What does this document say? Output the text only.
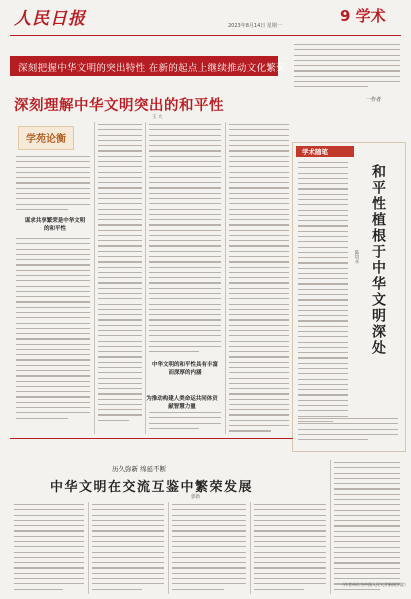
人民日报	2023年8月14日 星期一
9 学术
深刻把握中华文明的突出特性 在新的起点上继续推动文化繁荣
一作者
深刻理解中华文明突出的和平性
王 大
学苑论衡
谋求共享繁荣是中华文明的和平性
中华文明的和平性具有丰富而深厚的内涵
为推动构建人类命运共同体贡献智慧力量
学术随笔
和平性植根于中华文明深处
陈培永
历久弥新 绵延不断
中华文明在交流互鉴中繁荣发展
郭新
（作者单位为中国人民大学新闻学院）
